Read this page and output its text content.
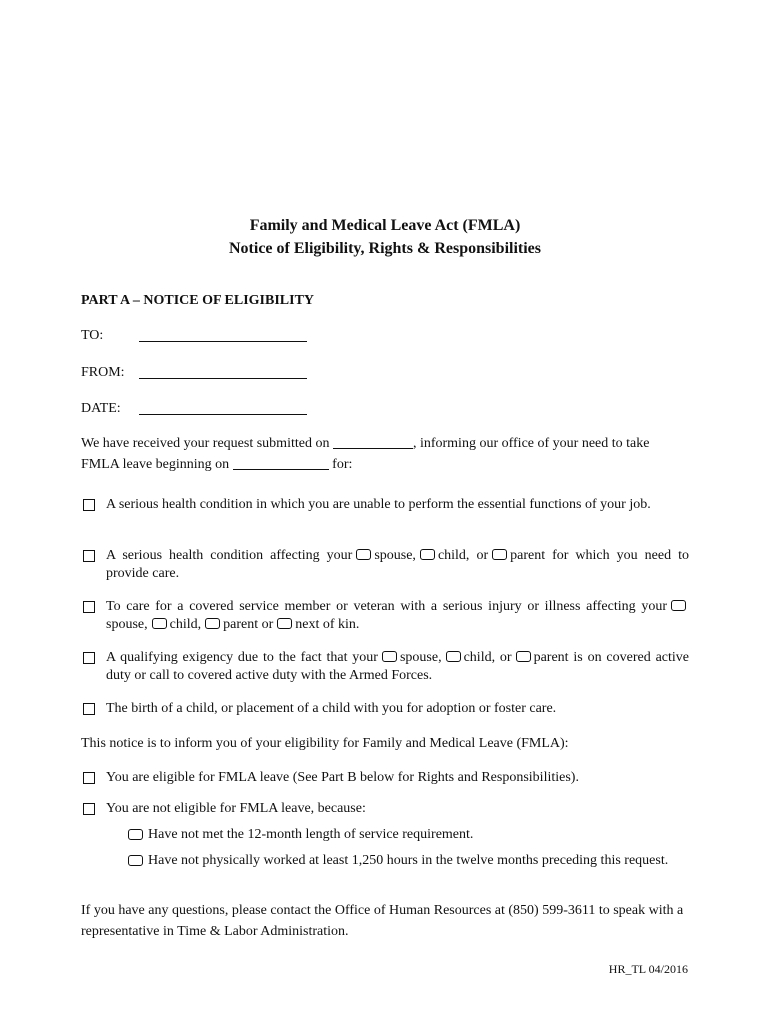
Family and Medical Leave Act (FMLA)
Notice of Eligibility, Rights & Responsibilities
PART A – NOTICE OF ELIGIBILITY
TO:
FROM:
DATE:
We have received your request submitted on	, informing our office of your need to take FMLA leave beginning on	for:
A serious health condition in which you are unable to perform the essential functions of your job.
A serious health condition affecting your spouse, child, or parent for which you need to provide care.
To care for a covered service member or veteran with a serious injury or illness affecting yourspouse, child, parent or next of kin.
A qualifying exigency due to the fact that your spouse, child, or parent is on covered active duty or call to covered active duty with the Armed Forces.
The birth of a child, or placement of a child with you for adoption or foster care.
This notice is to inform you of your eligibility for Family and Medical Leave (FMLA):
You are eligible for FMLA leave (See Part B below for Rights and Responsibilities).
You are not eligible for FMLA leave, because:
Have not met the 12-month length of service requirement.
Have not physically worked at least 1,250 hours in the twelve months preceding this request.
If you have any questions, please contact the Office of Human Resources at (850) 599-3611 to speak with a representative in Time & Labor Administration.
HR_TL 04/2016
